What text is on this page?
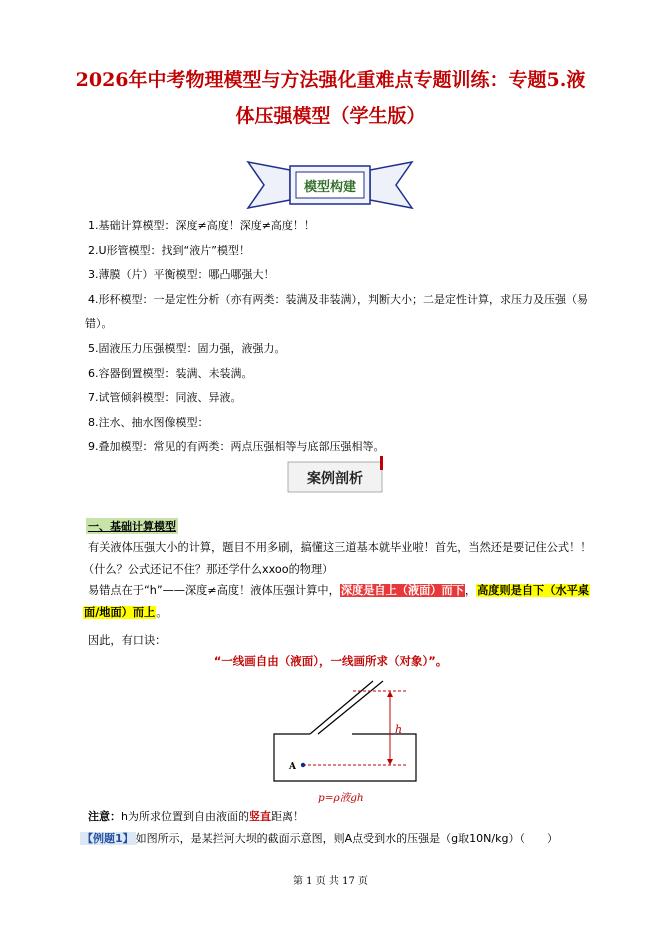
2026年中考物理模型与方法强化重难点专题训练：专题5.液
体压强模型（学生版）
模型构建
1.基础计算模型：深度≠高度！深度≠高度！！
2.U形管模型：找到“液片”模型！
3.薄膜（片）平衡模型：哪凸哪强大！
4.形杯模型：一是定性分析（亦有两类：装满及非装满），判断大小；二是定性计算，求压力及压强（易
错）。
5.固液压力压强模型：固力强，液强力。
6.容器倒置模型：装满、未装满。
7.试管倾斜模型：同液、异液。
8.注水、抽水图像模型：
9.叠加模型：常见的有两类：两点压强相等与底部压强相等。
案例剖析
一、基础计算模型
有关液体压强大小的计算，题目不用多刷，搞懂这三道基本就毕业啦！首先，当然还是要记住公式！！
（什么？公式还记不住？那还学什么xxoo的物理）
易错点在于“h”——深度≠高度！液体压强计算中，深度是自上（液面）而下，高度则是自下（水平桌
面/地面）而上。
因此，有口诀：
“一线画自由（液面），一线画所求（对象）”。
h
A
p=ρ液gh
注意：h为所求位置到自由液面的竖直距离！
【例题1】 如图所示，是某拦河大坝的截面示意图，则A点受到水的压强是（g取10N/kg）（　　）
第 1 页 共 17 页
